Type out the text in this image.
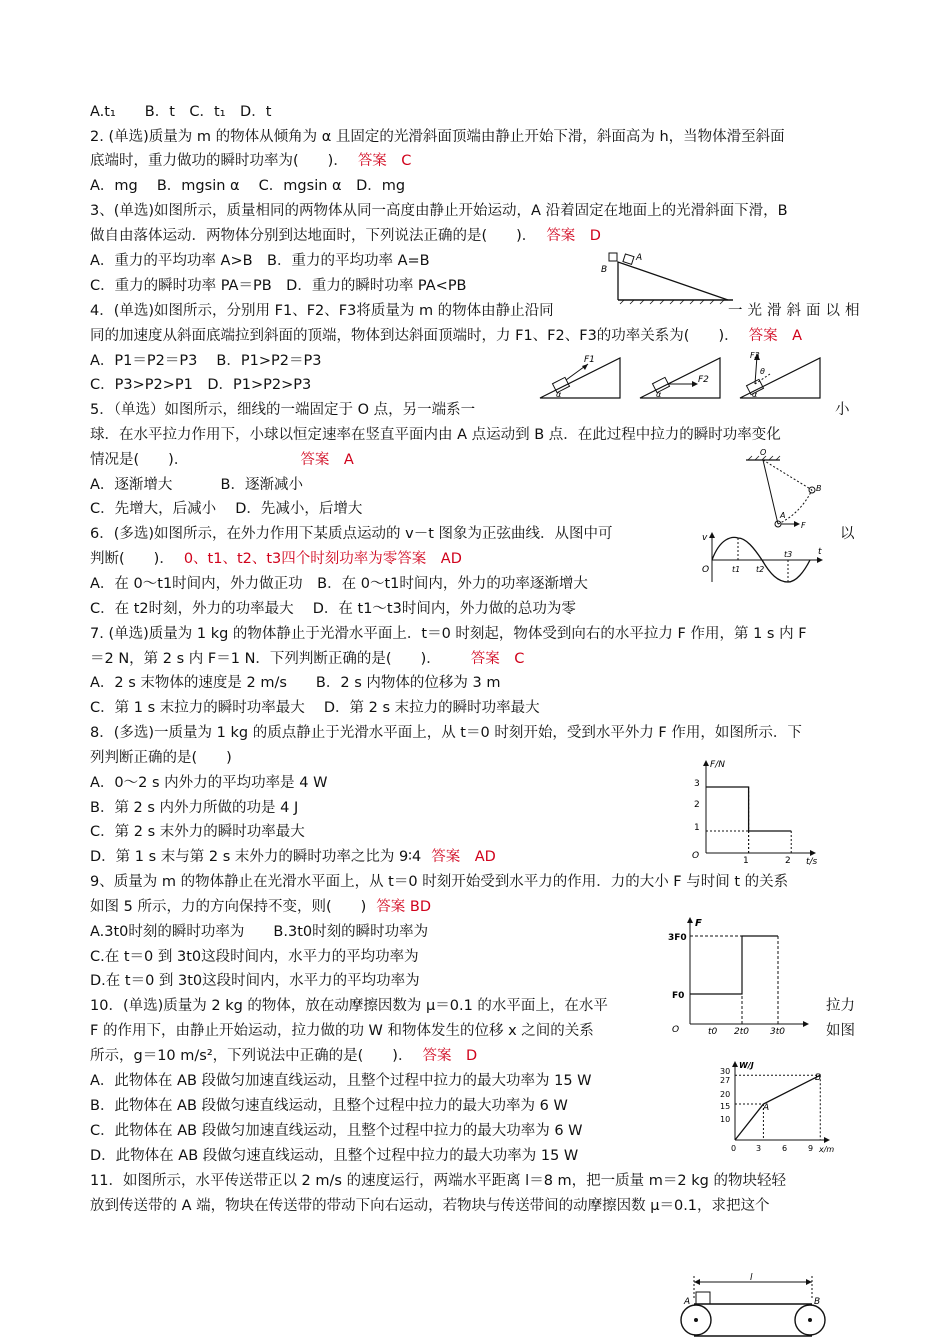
A.t₁　　B．t　C．t₁　D．t
2. (单选)质量为 m 的物体从倾角为 α 且固定的光滑斜面顶端由静止开始下滑，斜面高为 h，当物体滑至斜面
底端时，重力做功的瞬时功率为(　　)． 答案　C
A．mg　 B．mgsin α　 C．mgsin α　D．mg
3、(单选)如图所示，质量相同的两物体从同一高度由静止开始运动，A 沿着固定在地面上的光滑斜面下滑，B
做自由落体运动．两物体分别到达地面时，下列说法正确的是(　　)． 答案　D
A．重力的平均功率 A>B　B．重力的平均功率 A=B
C．重力的瞬时功率 PA＝PB　D．重力的瞬时功率 PA<PB
4．(单选)如图所示，分别用 F1、F2、F3将质量为 m 的物体由静止沿同	一光滑斜面以相
同的加速度从斜面底端拉到斜面的顶端，物体到达斜面顶端时，力 F1、F2、F3的功率关系为(　　)． 答案　A
A．P1＝P2＝P3　 B．P1>P2＝P3
C．P3>P2>P1　D．P1>P2>P3
5．（单选）如图所示，细线的一端固定于 O 点，另一端系一	小
球．在水平拉力作用下，小球以恒定速率在竖直平面内由 A 点运动到 B 点．在此过程中拉力的瞬时功率变化
情况是(　　)．	答案　A
A．逐渐增大　　　 B．逐渐减小
C．先增大，后减小　 D．先减小，后增大
6．(多选)如图所示，在外力作用下某质点运动的 v－t 图象为正弦曲线．从图中可	以
判断(　　)． 0、t1、t2、t3四个时刻功率为零答案　AD
A．在 0～t1时间内，外力做正功　B．在 0～t1时间内，外力的功率逐渐增大
C．在 t2时刻，外力的功率最大　 D．在 t1～t3时间内，外力做的总功为零
7. (单选)质量为 1 kg 的物体静止于光滑水平面上．t＝0 时刻起，物体受到向右的水平拉力 F 作用，第 1 s 内 F
＝2 N，第 2 s 内 F＝1 N．下列判断正确的是(　　)． 答案　C
A．2 s 末物体的速度是 2 m/s　　B．2 s 内物体的位移为 3 m
C．第 1 s 末拉力的瞬时功率最大　 D．第 2 s 末拉力的瞬时功率最大
8．(多选)一质量为 1 kg 的质点静止于光滑水平面上，从 t＝0 时刻开始，受到水平外力 F 作用，如图所示．下
列判断正确的是(　　)
A．0～2 s 内外力的平均功率是 4 W
B．第 2 s 内外力所做的功是 4 J
C．第 2 s 末外力的瞬时功率最大
D．第 1 s 末与第 2 s 末外力的瞬时功率之比为 9∶4 答案　AD
9、质量为 m 的物体静止在光滑水平面上，从 t＝0 时刻开始受到水平力的作用．力的大小 F 与时间 t 的关系
如图 5 所示，力的方向保持不变，则(　　) 答案 BD
A.3t0时刻的瞬时功率为　　B.3t0时刻的瞬时功率为
C.在 t＝0 到 3t0这段时间内，水平力的平均功率为
D.在 t＝0 到 3t0这段时间内，水平力的平均功率为
10．(单选)质量为 2 kg 的物体，放在动摩擦因数为 μ＝0.1 的水平面上，在水平	拉力
F 的作用下，由静止开始运动，拉力做的功 W 和物体发生的位移 x 之间的关系	如图
所示，g＝10 m/s²，下列说法中正确的是(　　)． 答案　D
A．此物体在 AB 段做匀加速直线运动，且整个过程中拉力的最大功率为 15 W
B．此物体在 AB 段做匀速直线运动，且整个过程中拉力的最大功率为 6 W
C．此物体在 AB 段做匀加速直线运动，且整个过程中拉力的最大功率为 6 W
D．此物体在 AB 段做匀速直线运动，且整个过程中拉力的最大功率为 15 W
11．如图所示，水平传送带正以 2 m/s 的速度运行，两端水平距离 l＝8 m，把一质量 m＝2 kg 的物块轻轻
放到传送带的 A 端，物块在传送带的带动下向右运动，若物块与传送带间的动摩擦因数 μ＝0.1，求把这个
B
A
F1
α
F2
α
F3
θ
α
O
B
A
F
v
O	t1 t2
t3	t
F/N
t/s
3
2
1
O	1	2
F
3F0
F0
O	t0 2t0 3t0
W/J
x/m
30
27
20
15
10
0 3	6	9
A
B
l
A	B
